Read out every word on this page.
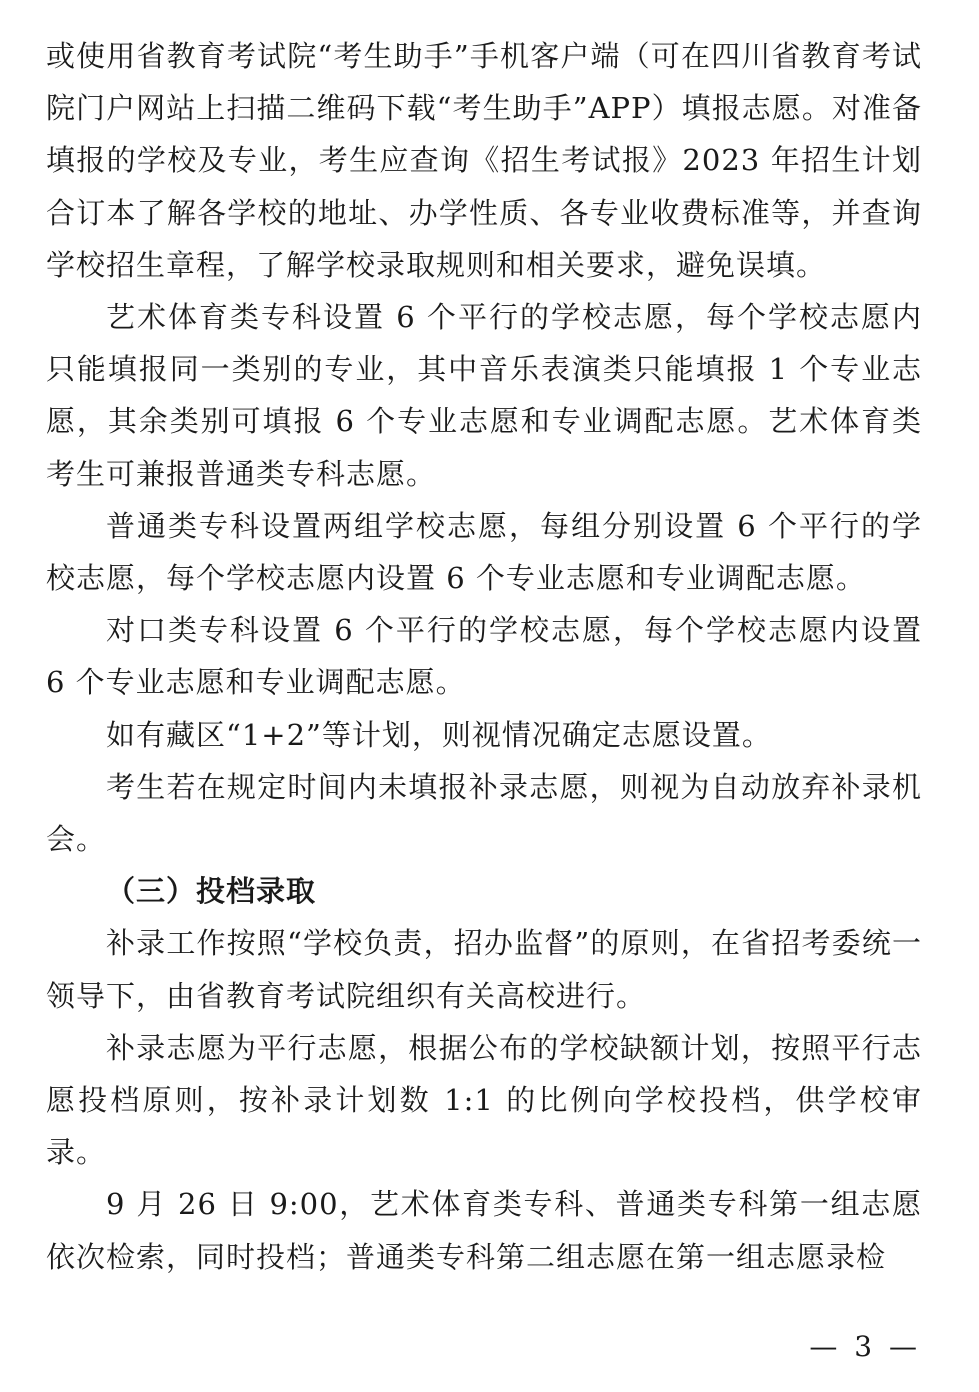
或使用省教育考试院“考生助手”手机客户端（可在四川省教育考试院门户网站上扫描二维码下载“考生助手”APP）填报志愿。对准备填报的学校及专业，考生应查询《招生考试报》2023 年招生计划合订本了解各学校的地址、办学性质、各专业收费标准等，并查询学校招生章程，了解学校录取规则和相关要求，避免误填。

艺术体育类专科设置 6 个平行的学校志愿，每个学校志愿内只能填报同一类别的专业，其中音乐表演类只能填报 1 个专业志愿，其余类别可填报 6 个专业志愿和专业调配志愿。艺术体育类考生可兼报普通类专科志愿。

普通类专科设置两组学校志愿，每组分别设置 6 个平行的学校志愿，每个学校志愿内设置 6 个专业志愿和专业调配志愿。

对口类专科设置 6 个平行的学校志愿，每个学校志愿内设置 6 个专业志愿和专业调配志愿。

如有藏区“1+2”等计划，则视情况确定志愿设置。

考生若在规定时间内未填报补录志愿，则视为自动放弃补录机会。

（三）投档录取

补录工作按照“学校负责，招办监督”的原则，在省招考委统一领导下，由省教育考试院组织有关高校进行。

补录志愿为平行志愿，根据公布的学校缺额计划，按照平行志愿投档原则，按补录计划数 1:1 的比例向学校投档，供学校审录。

9 月 26 日 9:00，艺术体育类专科、普通类专科第一组志愿依次检索，同时投档；普通类专科第二组志愿在第一组志愿录检

— 3 —
